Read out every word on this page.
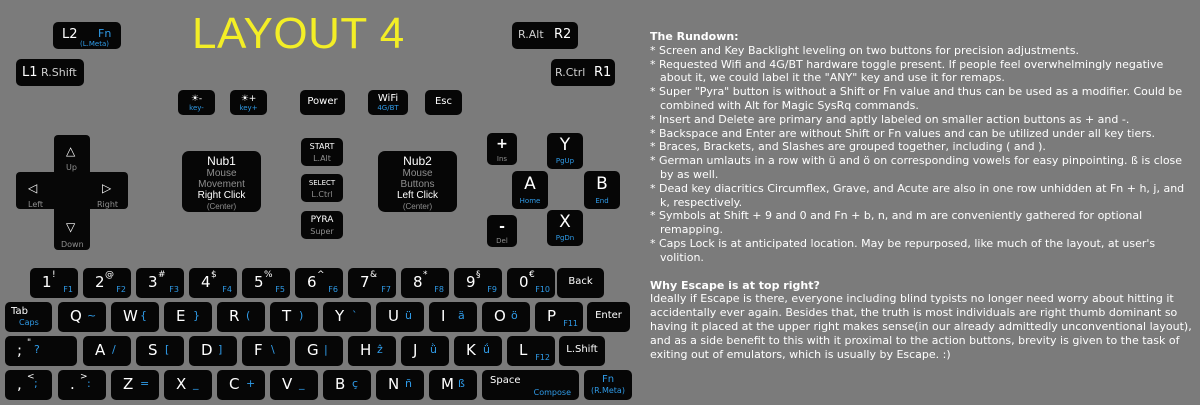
LAYOUT 4
L2 Fn
(L.Meta)
L1 R.Shift
R.Alt R2
R.Ctrl R1
☀-
key-
☀+
key+
Power	WiFi
4G/BT
Esc
△
Up
▽
Down
◁
Left
▷
Right
Nub1
Mouse
Movement
Right Click
(Center)
START
L.Alt
SELECT
L.Ctrl
PYRA
Super
Nub2
Mouse
Buttons
Left Click
(Center)
+
Ins
Y
PgUp
A
Home
B
End
-
Del
X
PgDn
1 !
F1 2 @
F2 3 #
F3 4 $
F4 5 %
F5 6 ^
F6 7 &
F7 8 *
F8 9 §
F9 0 €
F10
Back
Tab
Caps Q ~ W { E } R ( T ) Y ` U ü I ä O ö P F11
Enter
; " ?	A / S [ D ] F \ G | H ẑ J ǜ K ǘ L F12
L.Shift
, < ; . > : Z = X _ C + V _ B ç N ñ M ß	Space
Compose
Fn
(R.Meta)
The Rundown:
* Screen and Key Backlight leveling on two buttons for precision adjustments.
* Requested Wifi and 4G/BT hardware toggle present. If people feel overwhelmingly negative about it, we could label it the "ANY" key and use it for remaps.
* Super "Pyra" button is without a Shift or Fn value and thus can be used as a modifier. Could be combined with Alt for Magic SysRq commands.
* Insert and Delete are primary and aptly labeled on smaller action buttons as + and -.
* Backspace and Enter are without Shift or Fn values and can be utilized under all key tiers.
* Braces, Brackets, and Slashes are grouped together, including ( and ).
* German umlauts in a row with ü and ö on corresponding vowels for easy pinpointing. ß is close by as well.
* Dead key diacritics Circumflex, Grave, and Acute are also in one row unhidden at Fn + h, j, and k, respectively.
* Symbols at Shift + 9 and 0 and Fn + b, n, and m are conveniently gathered for optional remapping.
* Caps Lock is at anticipated location. May be repurposed, like much of the layout, at user's volition.
Why Escape is at top right?
Ideally if Escape is there, everyone including blind typists no longer need worry about hitting it accidentally ever again. Besides that, the truth is most individuals are right thumb dominant so having it placed at the upper right makes sense(in our already admittedly unconventional layout), and as a side benefit to this with it proximal to the action buttons, brevity is given to the task of exiting out of emulators, which is usually by Escape. :)
